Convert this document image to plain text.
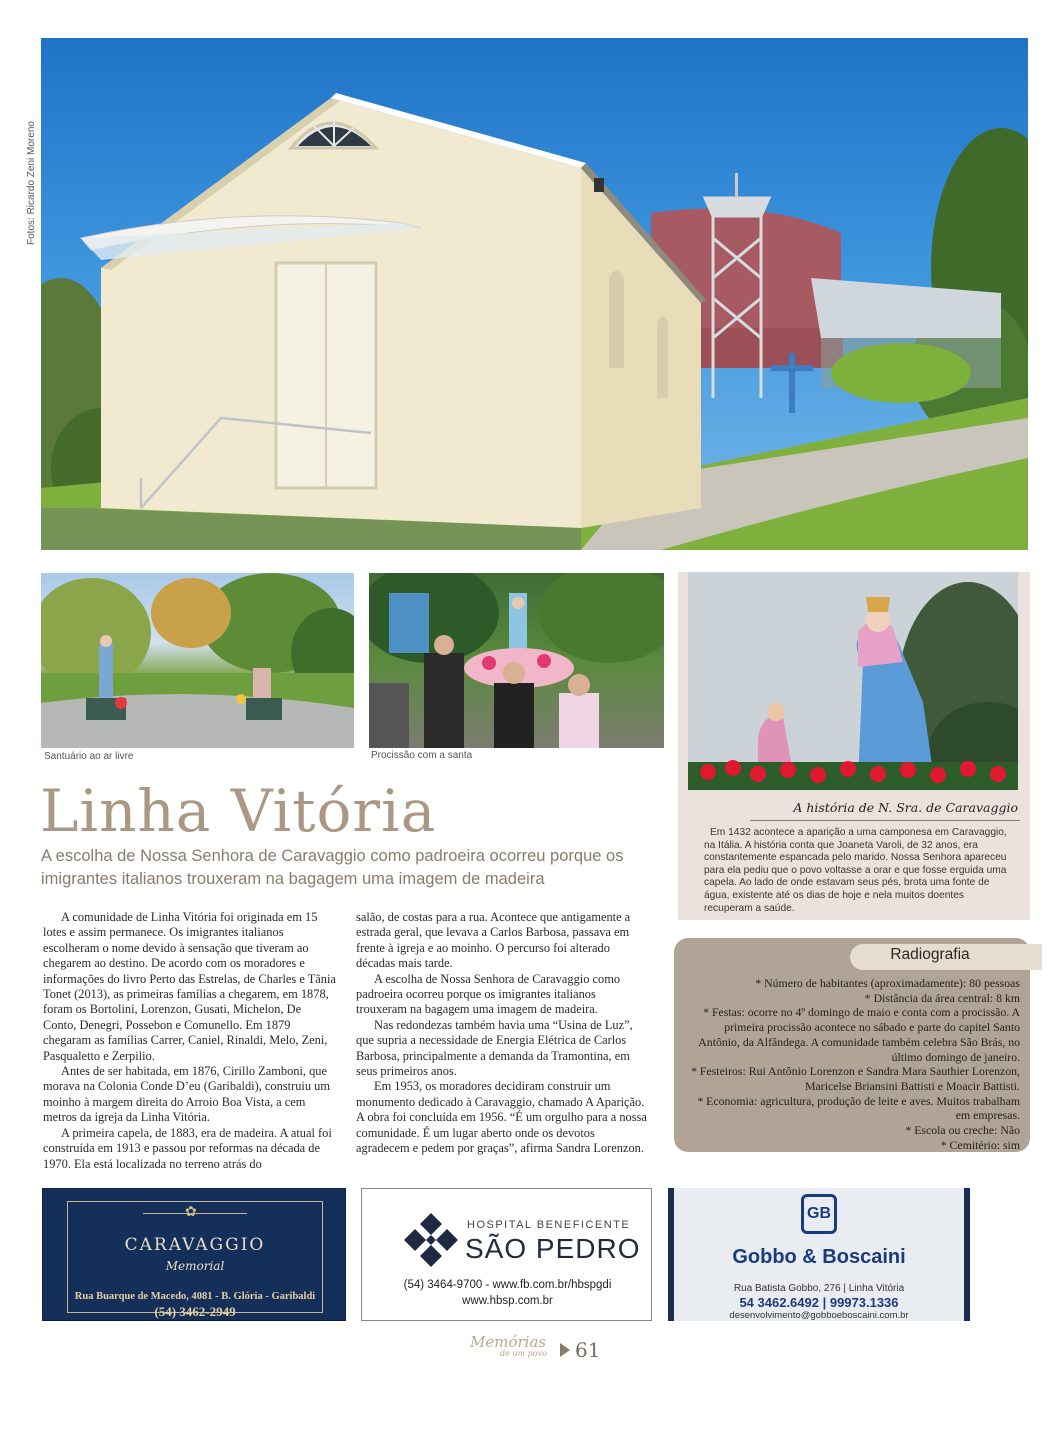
Fotos: Ricardo Zeni Moreno
Santuário ao ar livre	Procissão com a santa
A história de N. Sra. de Caravaggio
Em 1432 acontece a aparição a uma camponesa em Caravaggio, na Itália. A história conta que Joaneta Varoli, de 32 anos, era constantemente espancada pelo marido. Nossa Senhora apareceu para ela pediu que o povo voltasse a orar e que fosse erguida uma capela. Ao lado de onde estavam seus pés, brota uma fonte de água, existente até os dias de hoje e nela muitos doentes recuperam a saúde.
Linha Vitória
A escolha de Nossa Senhora de Caravaggio como padroeira ocorreu porque os imigrantes italianos trouxeram na bagagem uma imagem de madeira

A comunidade de Linha Vitória foi originada em 15 lotes e assim permanece. Os imigrantes italianos escolheram o nome devido à sensação que tiveram ao chegarem ao destino. De acordo com os moradores e informações do livro Perto das Estrelas, de Charles e Tânia Tonet (2013), as primeiras famílias a chegarem, em 1878, foram os Bortolini, Lorenzon, Gusati, Michelon, De Conto, Denegri, Possebon e Comunello. Em 1879 chegaram as famílias Carrer, Caniel, Rinaldi, Melo, Zeni, Pasqualetto e Zerpilio.

Antes de ser habitada, em 1876, Cirillo Zamboni, que morava na Colonia Conde D’eu (Garibaldi), construiu um moinho à margem direita do Arroio Boa Vista, a cem metros da igreja da Linha Vitória.

A primeira capela, de 1883, era de madeira. A atual foi construída em 1913 e passou por reformas na década de 1970. Ela está localizada no terreno atrás do

salão, de costas para a rua. Acontece que antigamente a estrada geral, que levava a Carlos Barbosa, passava em frente à igreja e ao moinho. O percurso foi alterado décadas mais tarde.

A escolha de Nossa Senhora de Caravaggio como padroeira ocorreu porque os imigrantes italianos trouxeram na bagagem uma imagem de madeira.

Nas redondezas também havia uma “Usina de Luz”, que supria a necessidade de Energia Elétrica de Carlos Barbosa, principalmente a demanda da Tramontina, em seus primeiros anos.

Em 1953, os moradores decidiram construir um monumento dedicado à Caravaggio, chamado A Aparição. A obra foi concluída em 1956. “É um orgulho para a nossa comunidade. É um lugar aberto onde os devotos agradecem e pedem por graças”, afirma Sandra Lorenzon.

Radiografia
* Número de habitantes (aproximadamente): 80 pessoas
* Distância da área central: 8 km
* Festas: ocorre no 4º domingo de maio e conta com a procissão. A primeira procissão acontece no sábado e parte do capitel Santo Antônio, da Alfândega. A comunidade também celebra São Brás, no último domingo de janeiro.
* Festeiros: Rui Antônio Lorenzon e Sandra Mara Sauthier Lorenzon, Maricelse Briansini Battisti e Moacir Battisti.
* Economia: agricultura, produção de leite e aves. Muitos trabalham em empresas.
* Escola ou creche: Não
* Cemitério: sim
✿
CARAVAGGIO
Memorial
Rua Buarque de Macedo, 4081 - B. Glória - Garibaldi
(54) 3462-2949
HOSPITAL BENEFICENTE
SÃO PEDRO
(54) 3464-9700 - www.fb.com.br/hbspgdi
www.hbsp.com.br
GB
Gobbo & Boscaini
Rua Batista Gobbo, 276 | Linha Vitória
54 3462.6492 | 99973.1336
desenvolvimento@gobboeboscaini.com.br
Memórias
de um povo 61
